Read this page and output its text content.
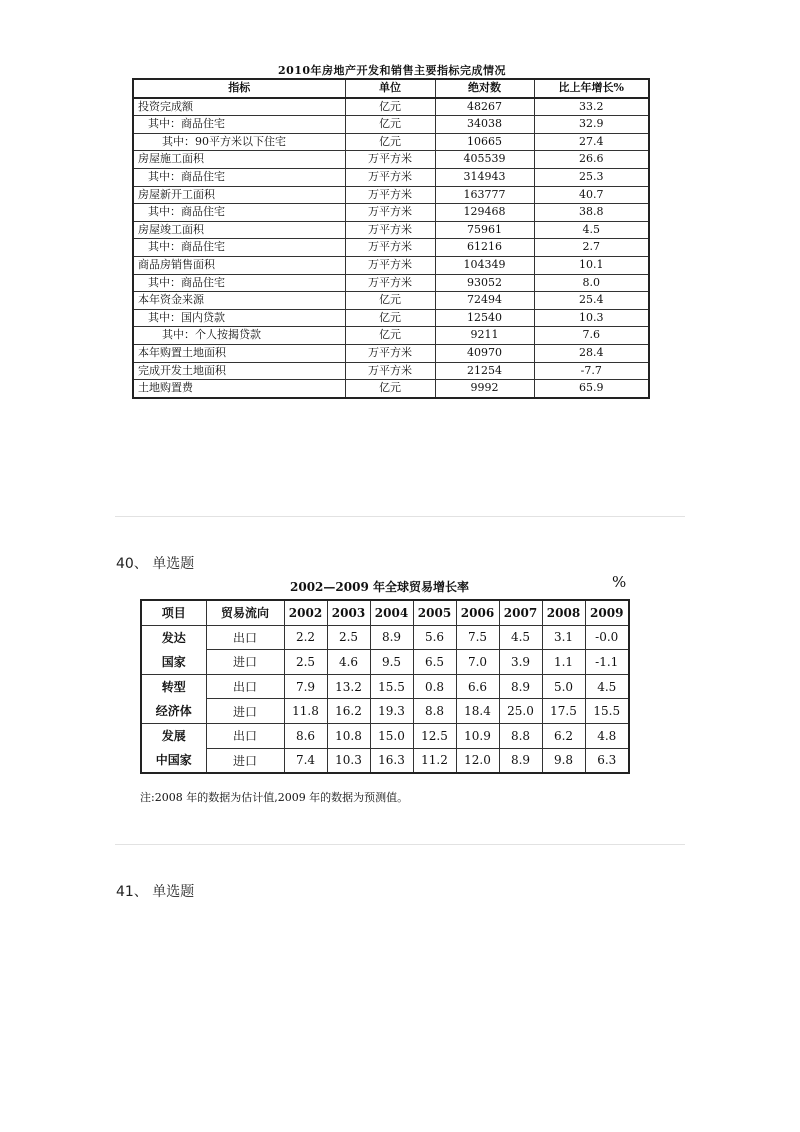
2010年房地产开发和销售主要指标完成情况
指标	单位	绝对数	比上年增长%
投资完成额	亿元	48267	33.2
其中：商品住宅	亿元	34038	32.9
其中：90平方米以下住宅	亿元	10665	27.4
房屋施工面积	万平方米	405539	26.6
其中：商品住宅	万平方米	314943	25.3
房屋新开工面积	万平方米	163777	40.7
其中：商品住宅	万平方米	129468	38.8
房屋竣工面积	万平方米	75961	4.5
其中：商品住宅	万平方米	61216	2.7
商品房销售面积	万平方米	104349	10.1
其中：商品住宅	万平方米	93052	8.0
本年资金来源	亿元	72494	25.4
其中：国内贷款	亿元	12540	10.3
其中：个人按揭贷款	亿元	9211	7.6
本年购置土地面积	万平方米	40970	28.4
完成开发土地面积	万平方米	21254	-7.7
土地购置费	亿元	9992	65.9
40、 单选题
2002—2009 年全球贸易增长率	%
项目	贸易流向	2002	2003	2004	2005	2006	2007	2008	2009
发达	出口	2.2	2.5	8.9	5.6	7.5	4.5	3.1	-0.0
国家	进口	2.5	4.6	9.5	6.5	7.0	3.9	1.1	-1.1
转型	出口	7.9	13.2	15.5	0.8	6.6	8.9	5.0	4.5
经济体	进口	11.8	16.2	19.3	8.8	18.4	25.0	17.5	15.5
发展	出口	8.6	10.8	15.0	12.5	10.9	8.8	6.2	4.8
中国家	进口	7.4	10.3	16.3	11.2	12.0	8.9	9.8	6.3
注:2008 年的数据为估计值,2009 年的数据为预测值。
41、 单选题
